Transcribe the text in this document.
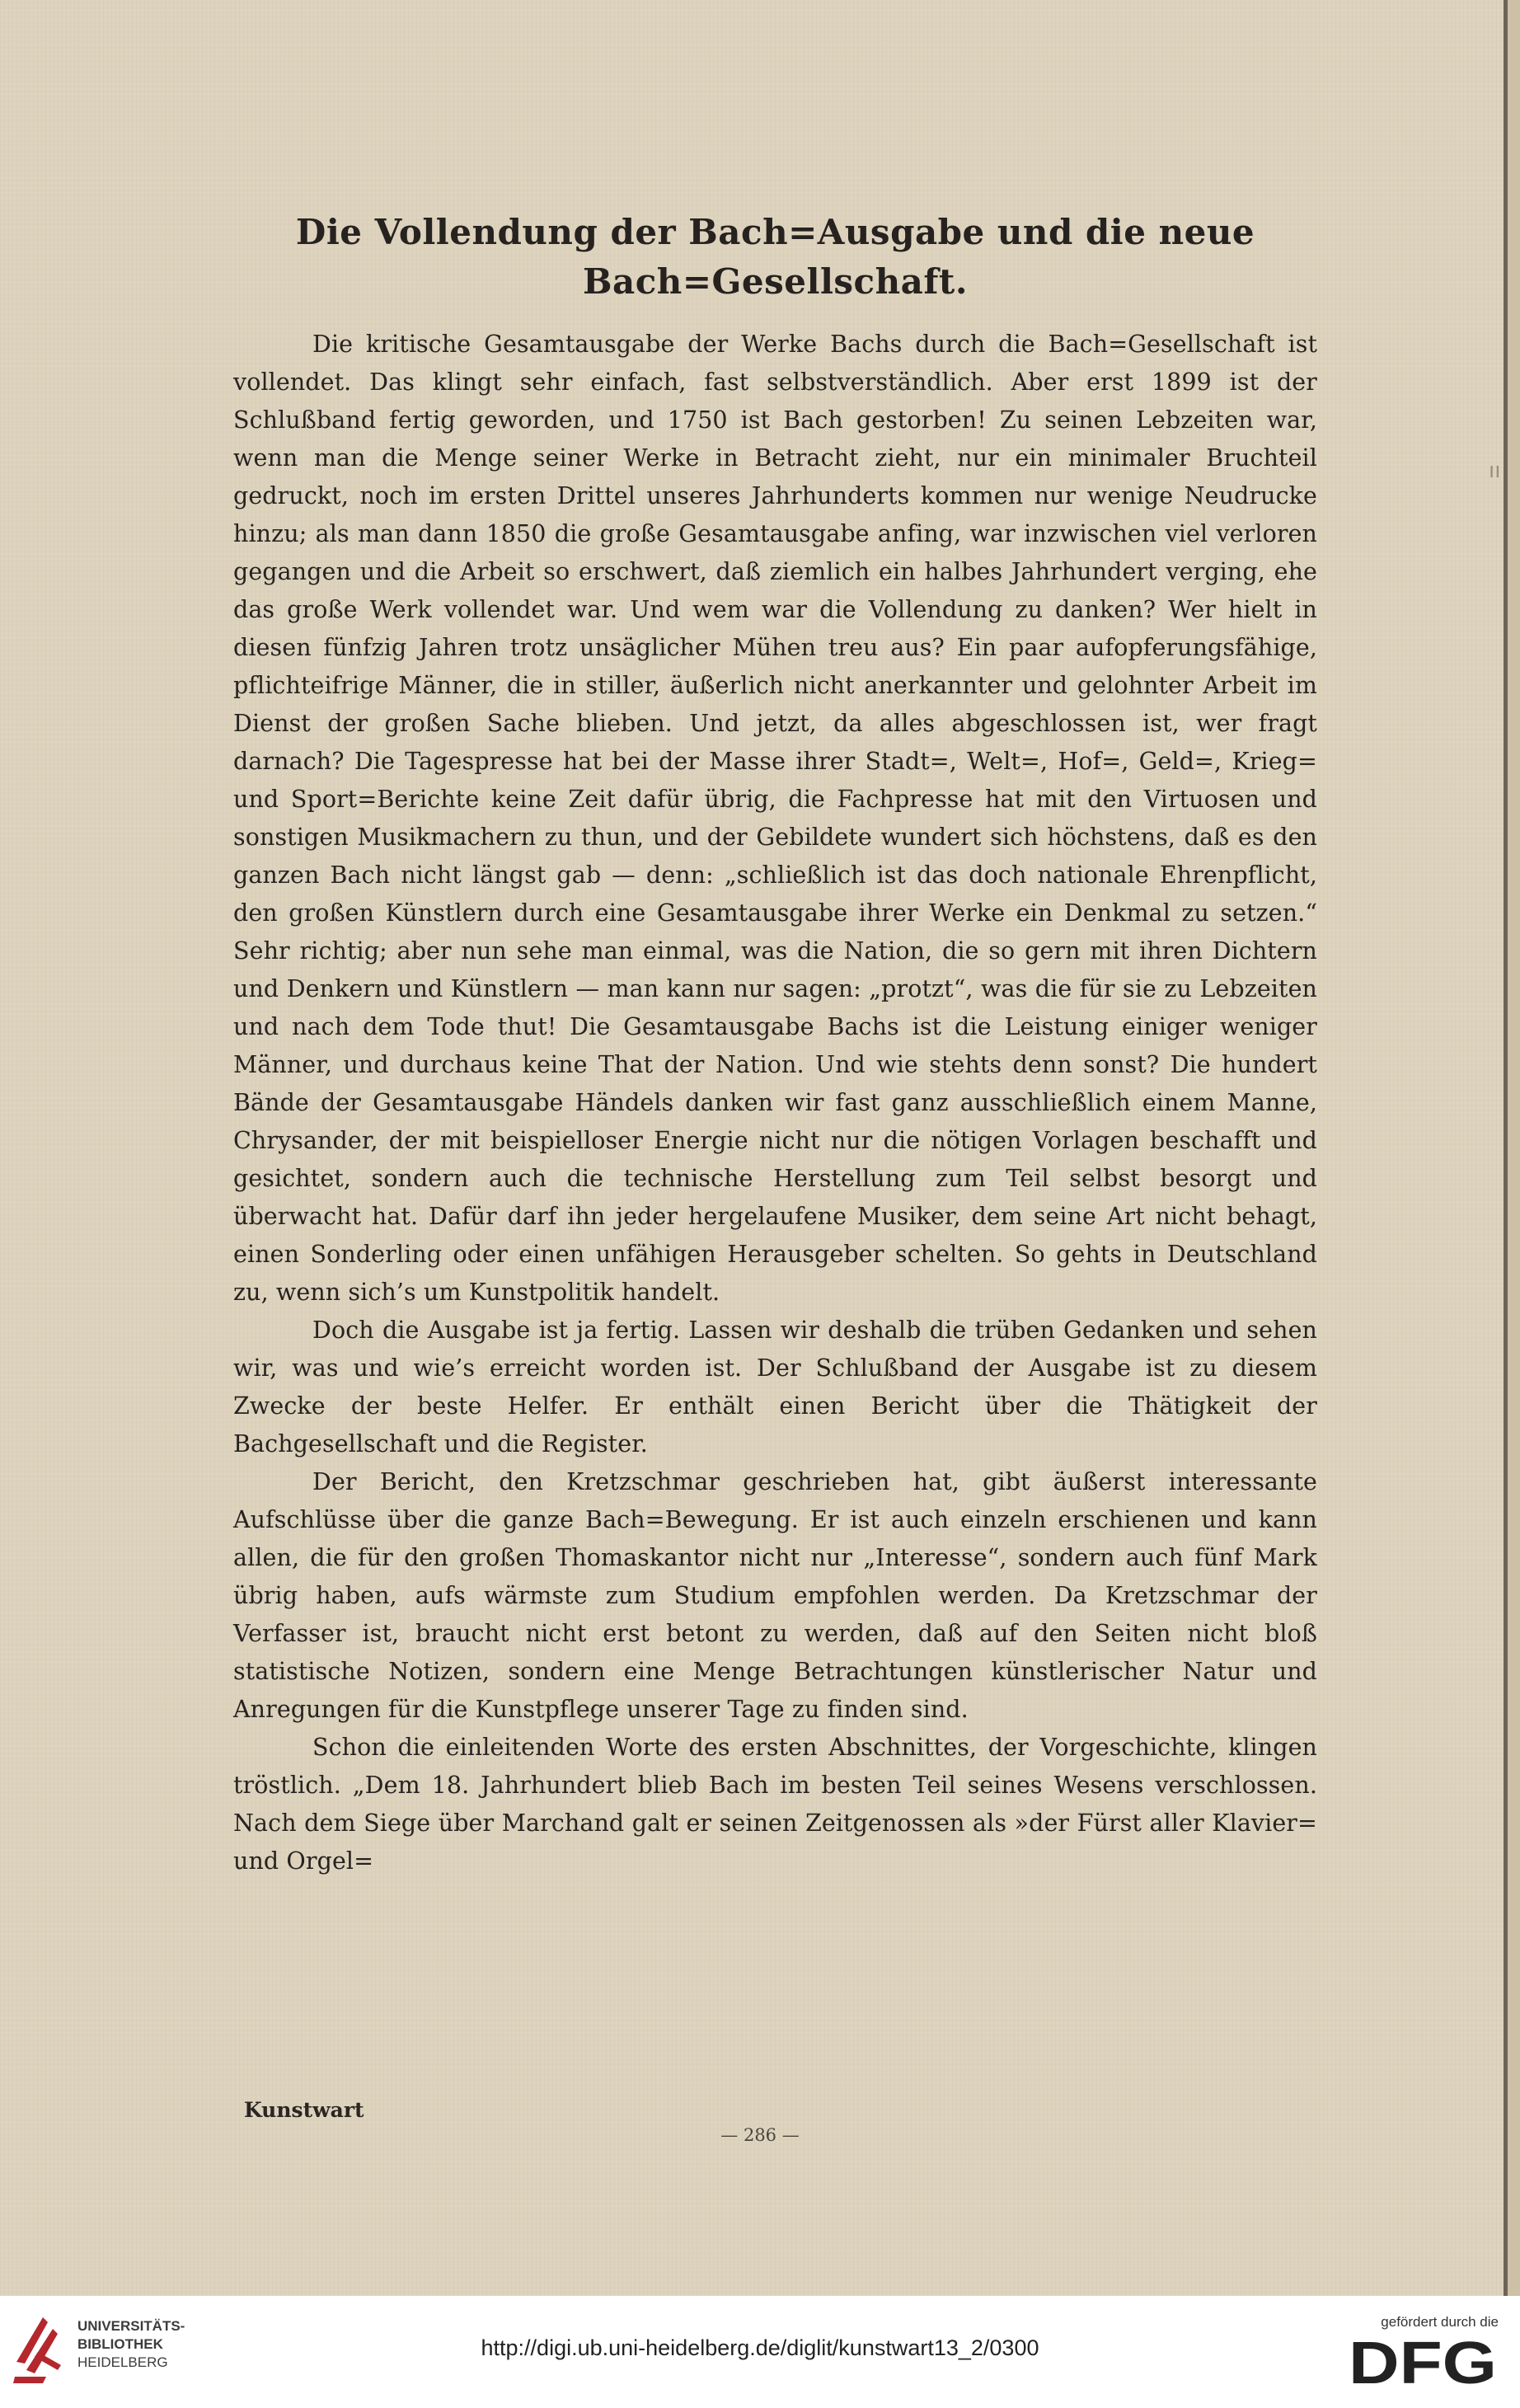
ıı
Die Vollendung der Bach=Ausgabe und die neue Bach=Gesellschaft.

Die kritische Gesamtausgabe der Werke Bachs durch die Bach=Gesellschaft ist vollendet. Das klingt sehr einfach, fast selbstverständlich. Aber erst 1899 ist der Schlußband fertig geworden, und 1750 ist Bach gestorben! Zu seinen Lebzeiten war, wenn man die Menge seiner Werke in Betracht zieht, nur ein minimaler Bruchteil gedruckt, noch im ersten Drittel unseres Jahrhunderts kommen nur wenige Neudrucke hinzu; als man dann 1850 die große Gesamtausgabe anfing, war inzwischen viel verloren gegangen und die Arbeit so erschwert, daß ziemlich ein halbes Jahrhundert verging, ehe das große Werk vollendet war. Und wem war die Vollendung zu danken? Wer hielt in diesen fünfzig Jahren trotz unsäglicher Mühen treu aus? Ein paar aufopferungsfähige, pflichteifrige Männer, die in stiller, äußerlich nicht anerkannter und gelohnter Arbeit im Dienst der großen Sache blieben. Und jetzt, da alles abgeschlossen ist, wer fragt darnach? Die Tagespresse hat bei der Masse ihrer Stadt=, Welt=, Hof=, Geld=, Krieg= und Sport=Berichte keine Zeit dafür übrig, die Fachpresse hat mit den Virtuosen und sonstigen Musikmachern zu thun, und der Gebildete wundert sich höchstens, daß es den ganzen Bach nicht längst gab — denn: „schließlich ist das doch nationale Ehrenpflicht, den großen Künstlern durch eine Gesamtausgabe ihrer Werke ein Denkmal zu setzen.“ Sehr richtig; aber nun sehe man einmal, was die Nation, die so gern mit ihren Dichtern und Denkern und Künstlern — man kann nur sagen: „protzt“, was die für sie zu Lebzeiten und nach dem Tode thut! Die Gesamtausgabe Bachs ist die Leistung einiger weniger Männer, und durchaus keine That der Nation. Und wie stehts denn sonst? Die hundert Bände der Gesamtausgabe Händels danken wir fast ganz ausschließlich einem Manne, Chrysander, der mit beispielloser Energie nicht nur die nötigen Vorlagen beschafft und gesichtet, sondern auch die technische Herstellung zum Teil selbst besorgt und überwacht hat. Dafür darf ihn jeder hergelaufene Musiker, dem seine Art nicht behagt, einen Sonderling oder einen unfähigen Herausgeber schelten. So gehts in Deutschland zu, wenn sich’s um Kunstpolitik handelt.

Doch die Ausgabe ist ja fertig. Lassen wir deshalb die trüben Gedanken und sehen wir, was und wie’s erreicht worden ist. Der Schlußband der Ausgabe ist zu diesem Zwecke der beste Helfer. Er enthält einen Bericht über die Thätigkeit der Bachgesellschaft und die Register.

Der Bericht, den Kretzschmar geschrieben hat, gibt äußerst interessante Aufschlüsse über die ganze Bach=Bewegung. Er ist auch einzeln erschienen und kann allen, die für den großen Thomaskantor nicht nur „Interesse“, sondern auch fünf Mark übrig haben, aufs wärmste zum Studium empfohlen werden. Da Kretzschmar der Verfasser ist, braucht nicht erst betont zu werden, daß auf den Seiten nicht bloß statistische Notizen, sondern eine Menge Betrachtungen künstlerischer Natur und Anregungen für die Kunstpflege unserer Tage zu finden sind.

Schon die einleitenden Worte des ersten Abschnittes, der Vorgeschichte, klingen tröstlich. „Dem 18. Jahrhundert blieb Bach im besten Teil seines Wesens verschlossen. Nach dem Siege über Marchand galt er seinen Zeitgenossen als »der Fürst aller Klavier= und Orgel=

Kunstwart
— 286 —
UNIVERSITÄTS-
BIBLIOTHEK
HEIDELBERG
http://digi.ub.uni-heidelberg.de/diglit/kunstwart13_2/0300
gefördert durch die
DFG
